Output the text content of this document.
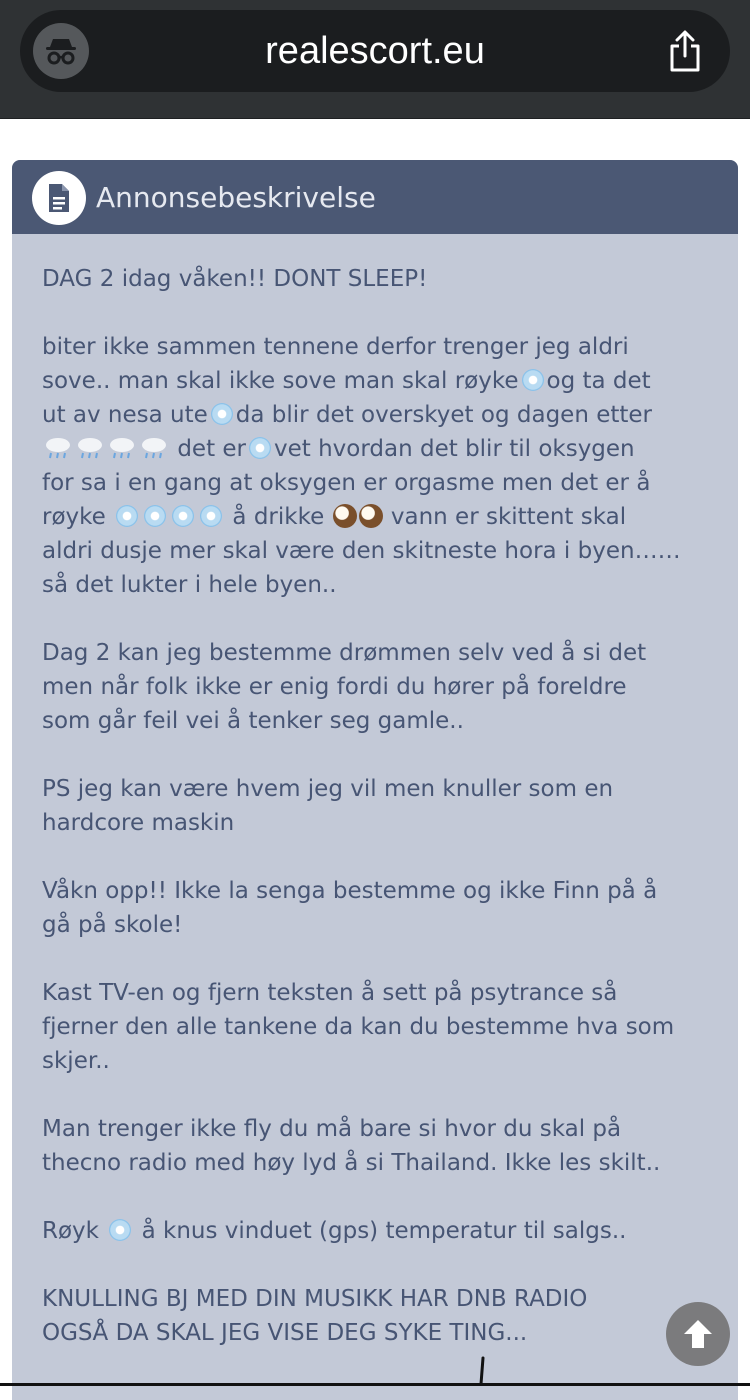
realescort.eu
Annonsebeskrivelse

DAG 2 idag våken!! DONT SLEEP!

biter ikke sammen tennene derfor trenger jeg aldri
sove.. man skal ikke sove man skal røyke og ta det
ut av nesa ute da blir det overskyet og dagen etter
det er vet hvordan det blir til oksygen
for sa i en gang at oksygen er orgasme men det er å
røyke	å drikke	vann er skittent skal
aldri dusje mer skal være den skitneste hora i byen……
så det lukter i hele byen..

Dag 2 kan jeg bestemme drømmen selv ved å si det
men når folk ikke er enig fordi du hører på foreldre
som går feil vei å tenker seg gamle..

PS jeg kan være hvem jeg vil men knuller som en
hardcore maskin

Våkn opp!! Ikke la senga bestemme og ikke Finn på å
gå på skole!

Kast TV-en og fjern teksten å sett på psytrance så
fjerner den alle tankene da kan du bestemme hva som
skjer..

Man trenger ikke fly du må bare si hvor du skal på
thecno radio med høy lyd å si Thailand. Ikke les skilt..

Røyk å knus vinduet (gps) temperatur til salgs..

KNULLING BJ MED DIN MUSIKK HAR DNB RADIO
OGSÅ DA SKAL JEG VISE DEG SYKE TING...
